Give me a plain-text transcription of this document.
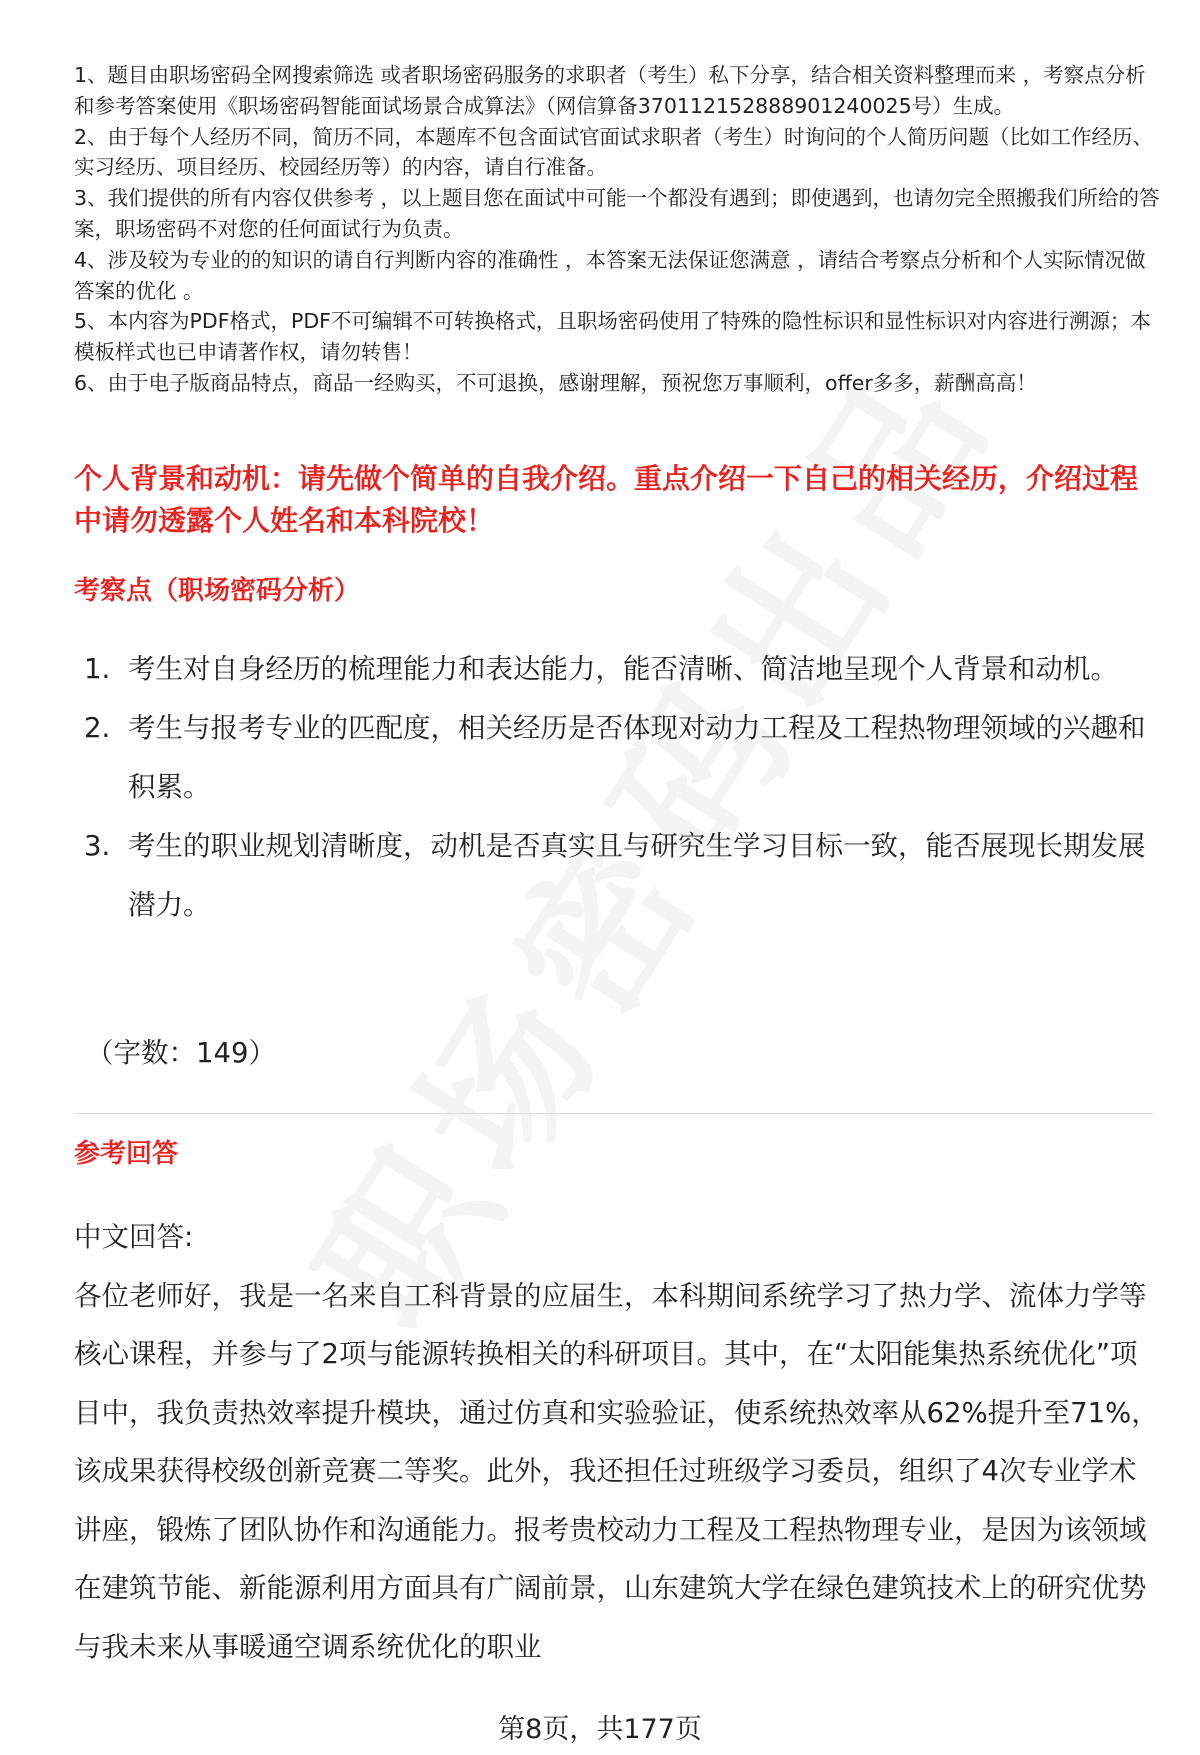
1、题目由职场密码全网搜索筛选 或者职场密码服务的求职者（考生）私下分享，结合相关资料整理而来 ，考察点分析和参考答案使用《职场密码智能面试场景合成算法》（网信算备370112152888901240025号）生成。

2、由于每个人经历不同，简历不同，本题库不包含面试官面试求职者（考生）时询问的个人简历问题（比如工作经历、实习经历、项目经历、校园经历等）的内容，请自行准备。

3、我们提供的所有内容仅供参考 ，以上题目您在面试中可能一个都没有遇到；即使遇到，也请勿完全照搬我们所给的答案，职场密码不对您的任何面试行为负责。

4、涉及较为专业的的知识的请自行判断内容的准确性 ，本答案无法保证您满意 ，请结合考察点分析和个人实际情况做答案的优化 。

5、本内容为PDF格式，PDF不可编辑不可转换格式，且职场密码使用了特殊的隐性标识和显性标识对内容进行溯源；本模板样式也已申请著作权，请勿转售！

6、由于电子版商品特点，商品一经购买，不可退换，感谢理解，预祝您万事顺利，offer多多，薪酬高高！

个人背景和动机：请先做个简单的自我介绍。重点介绍一下自己的相关经历，介绍过程中请勿透露个人姓名和本科院校！
考察点（职场密码分析）
1. 考生对自身经历的梳理能力和表达能力，能否清晰、简洁地呈现个人背景和动机。
2. 考生与报考专业的匹配度，相关经历是否体现对动力工程及工程热物理领域的兴趣和积累。
3. 考生的职业规划清晰度，动机是否真实且与研究生学习目标一致，能否展现长期发展潜力。

（字数：149）

参考回答

中文回答:

各位老师好，我是一名来自工科背景的应届生，本科期间系统学习了热力学、流体力学等核心课程，并参与了2项与能源转换相关的科研项目。其中，在“太阳能集热系统优化”项目中，我负责热效率提升模块，通过仿真和实验验证，使系统热效率从62%提升至71%，该成果获得校级创新竞赛二等奖。此外，我还担任过班级学习委员，组织了4次专业学术讲座，锻炼了团队协作和沟通能力。报考贵校动力工程及工程热物理专业，是因为该领域在建筑节能、新能源利用方面具有广阔前景，山东建筑大学在绿色建筑技术上的研究优势与我未来从事暖通空调系统优化的职业

第8页，共177页
